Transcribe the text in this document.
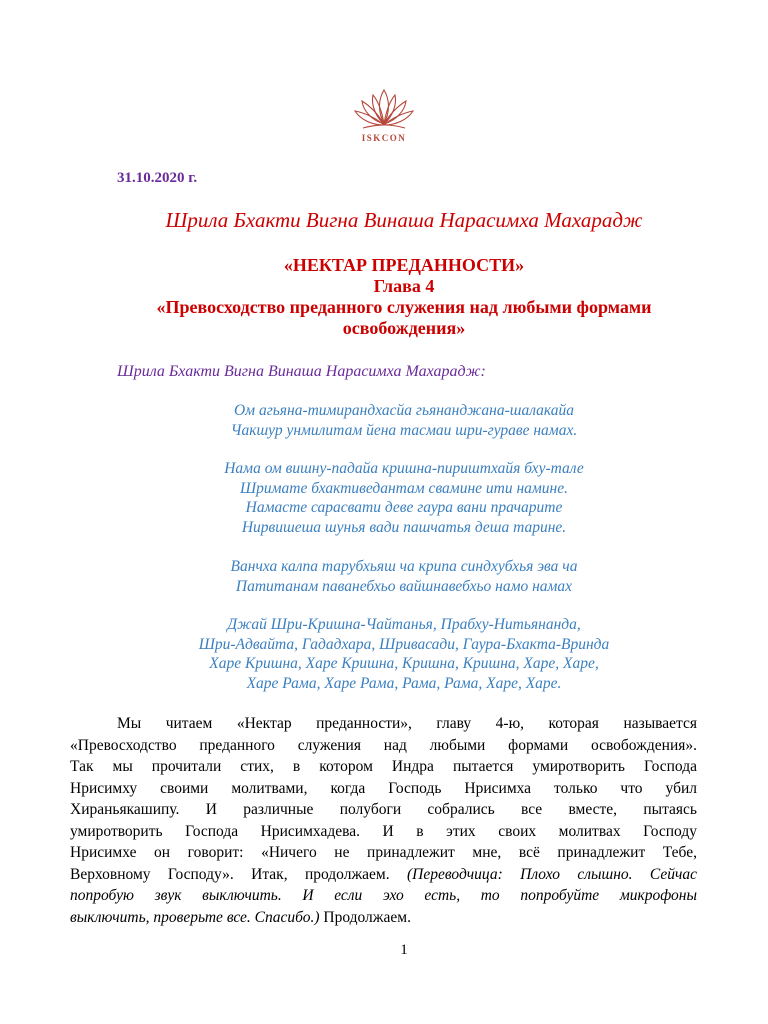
ISKCON
31.10.2020 г.
Шрила Бхакти Вигна Винаша Нарасимха Махарадж
«НЕКТАР ПРЕДАННОСТИ»
Глава 4
«Превосходство преданного служения над любыми формами
освобождения»
Шрила Бхакти Вигна Винаша Нарасимха Махарадж:
Ом агьяна-тимирандхасйа гьянанджана-шалакайа
Чакшур унмилитам йена тасмаи шри-гураве намах.
Нама ом вишну-падайа кришна-пириштхайя бху-тале
Шримате бхактиведантам свамине ити намине.
Намасте сарасвати деве гаура вани прачарите
Нирвишеша шунья вади пашчатья деша тарине.
Ванчха калпа тарубхьяш ча крипа синдхубхья эва ча
Патитанам паванебхьо вайшнавебхьо намо намах
Джай Шри-Кришна-Чайтанья, Прабху-Нитьянанда,
Шри-Адвайта, Гададхара, Шривасади, Гаура-Бхакта-Вринда
Харе Кришна, Харе Кришна, Кришна, Кришна, Харе, Харе,
Харе Рама, Харе Рама, Рама, Рама, Харе, Харе.
Мы читаем «Нектар преданности», главу 4-ю, которая называется
«Превосходство преданного служения над любыми формами освобождения».
Так мы прочитали стих, в котором Индра пытается умиротворить Господа
Нрисимху своими молитвами, когда Господь Нрисимха только что убил
Хираньякашипу. И различные полубоги собрались все вместе, пытаясь
умиротворить Господа Нрисимхадева. И в этих своих молитвах Господу
Нрисимхе он говорит: «Ничего не принадлежит мне, всё принадлежит Тебе,
Верховному Господу». Итак, продолжаем. (Переводчица: Плохо слышно. Сейчас
попробую звук выключить. И если эхо есть, то попробуйте микрофоны
выключить, проверьте все. Спасибо.) Продолжаем.
1
